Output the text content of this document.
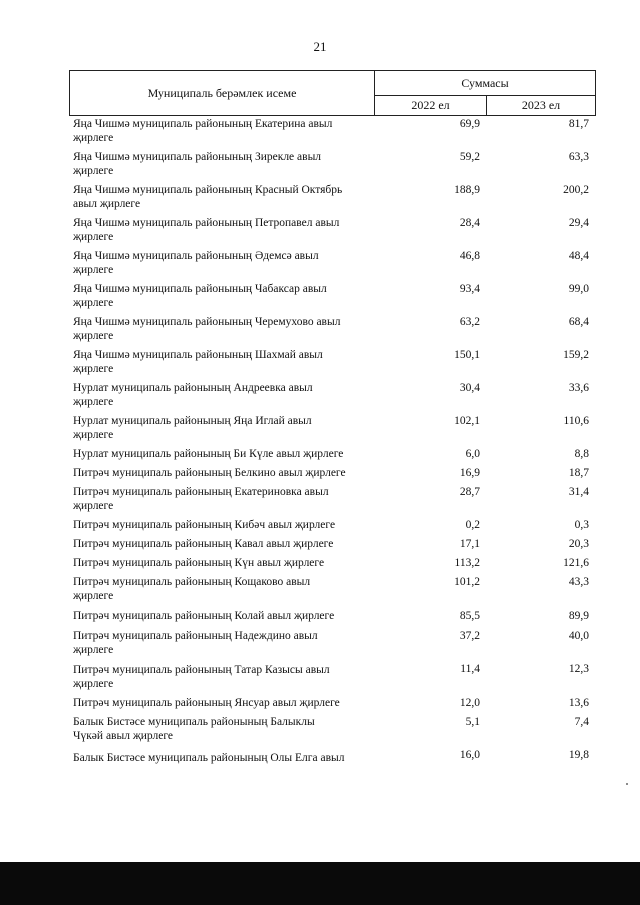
21
Муниципаль берәмлек исеме
Суммасы
2022 ел	2023 ел
Яңа Чишмә муниципаль районының Екатерина авыл
җирлеге
69,9	81,7
Яңа Чишмә муниципаль районының Зирекле авыл
җирлеге
59,2	63,3
Яңа Чишмә муниципаль районының Красный Октябрь
авыл җирлеге
188,9	200,2
Яңа Чишмә муниципаль районының Петропавел авыл
җирлеге
28,4	29,4
Яңа Чишмә муниципаль районының Әдемсә авыл
җирлеге
46,8	48,4
Яңа Чишмә муниципаль районының Чабаксар авыл
җирлеге
93,4	99,0
Яңа Чишмә муниципаль районының Черемухово авыл
җирлеге
63,2	68,4
Яңа Чишмә муниципаль районының Шахмай авыл
җирлеге
150,1	159,2
Нурлат муниципаль районының Андреевка авыл
җирлеге
30,4	33,6
Нурлат муниципаль районының Яңа Иглай авыл
җирлеге
102,1	110,6
Нурлат муниципаль районының Би Күле авыл җирлеге	6,0	8,8
Питрәч муниципаль районының Белкино авыл җирлеге	16,9	18,7
Питрәч муниципаль районының Екатериновка авыл
җирлеге
28,7	31,4
Питрәч муниципаль районының Кибәч авыл җирлеге	0,2	0,3
Питрәч муниципаль районының Кавал авыл җирлеге	17,1	20,3
Питрәч муниципаль районының Күн авыл җирлеге	113,2	121,6
Питрәч муниципаль районының Кощаково авыл
җирлеге
101,2	43,3
Питрәч муниципаль районының Колай авыл җирлеге	85,5	89,9
Питрәч муниципаль районының Надеждино авыл
җирлеге
37,2	40,0
Питрәч муниципаль районының Татар Казысы авыл
җирлеге
11,4	12,3
Питрәч муниципаль районының Янсуар авыл җирлеге	12,0	13,6
Балык Бистәсе муниципаль районының Балыклы
Чүкәй авыл җирлеге
5,1	7,4
Балык Бистәсе муниципаль районының Олы Елга авыл	16,0	19,8
